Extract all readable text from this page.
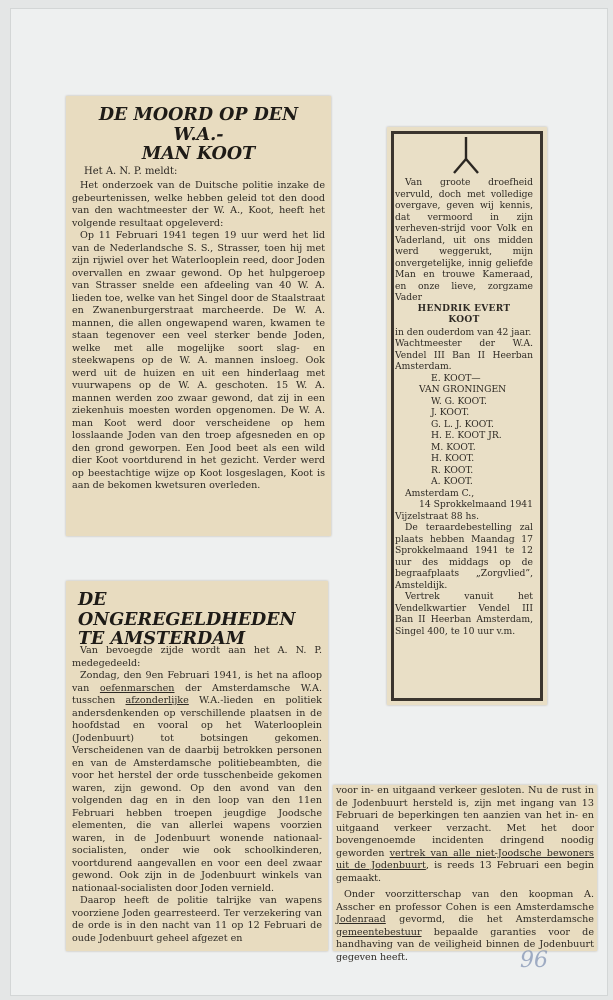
DE MOORD OP DEN W.A.-
MAN KOOT
Het A. N. P. meldt:

Het onderzoek van de Duitsche politie inzake de gebeurtenissen, welke hebben geleid tot den dood van den wachtmeester der W. A., Koot, heeft het volgende resultaat opgeleverd:

Op 11 Februari 1941 tegen 19 uur werd het lid van de Nederlandsche S. S., Strasser, toen hij met zijn rijwiel over het Waterlooplein reed, door Joden overvallen en zwaar gewond. Op het hulpgeroep van Strasser snelde een afdeeling van 40 W. A. lieden toe, welke van het Singel door de Staalstraat en Zwanenburgerstraat marcheerde. De W. A. mannen, die allen ongewapend waren, kwamen te staan tegenover een veel sterker bende Joden, welke met alle mogelijke soort slag- en steekwapens op de W. A. mannen insloeg. Ook werd uit de huizen en uit een hinderlaag met vuurwapens op de W. A. geschoten. 15 W. A. mannen werden zoo zwaar gewond, dat zij in een ziekenhuis moesten worden opgenomen. De W. A. man Koot werd door verscheidene op hem losslaande Joden van den troep afgesneden en op den grond geworpen. Een Jood beet als een wild dier Koot voortdurend in het gezicht. Verder werd op beestachtige wijze op Koot losgeslagen, Koot is aan de bekomen kwetsuren overleden.

Van groote droefheid vervuld, doch met volledige overgave, geven wij kennis, dat vermoord in zijn verheven-strijd voor Volk en Vaderland, uit ons midden werd weggerukt, mijn onvergetelijke, innig geliefde Man en trouwe Kameraad, en onze lieve, zorgzame Vader

HENDRIK EVERT
KOOT

in den ouderdom van 42 jaar.

Wachtmeester der W.A. Vendel III Ban II Heerban Amsterdam.

E. KOOT—

VAN GRONINGEN

W. G. KOOT.

J. KOOT.

G. L. J. KOOT.

H. E. KOOT JR.

M. KOOT.

H. KOOT.

R. KOOT.

A. KOOT.

Amsterdam C.,

14 Sprokkelmaand 1941

Vijzelstraat 88 hs.

De teraardebestelling zal plaats hebben Maandag 17 Sprokkelmaand 1941 te 12 uur des middags op de begraafplaats „Zorgvlied”, Amsteldijk.

Vertrek vanuit het Vendelkwartier Vendel III Ban II Heerban Amsterdam, Singel 400, te 10 uur v.m.

DE ONGEREGELDHEDEN
TE AMSTERDAM

Van bevoegde zijde wordt aan het A. N. P. medegedeeld:

Zondag, den 9en Februari 1941, is het na afloop van oefenmarschen der Amsterdamsche W.A. tusschen afzonderlijke W.A.-lieden en politiek andersdenkenden op verschillende plaatsen in de hoofdstad en vooral op het Waterlooplein (Jodenbuurt) tot botsingen gekomen. Verscheidenen van de daarbij betrokken personen en van de Amsterdamsche politiebeambten, die voor het herstel der orde tusschenbeide gekomen waren, zijn gewond. Op den avond van den volgenden dag en in den loop van den 11en Februari hebben troepen jeugdige Joodsche elementen, die van allerlei wapens voorzien waren, in de Jodenbuurt wonende nationaal-socialisten, onder wie ook schoolkinderen, voortdurend aangevallen en voor een deel zwaar gewond. Ook zijn in de Jodenbuurt winkels van nationaal-socialisten door Joden vernield.

Daarop heeft de politie talrijke van wapens voorziene Joden gearresteerd. Ter verzekering van de orde is in den nacht van 11 op 12 Februari de oude Jodenbuurt geheel afgezet en

voor in- en uitgaand verkeer gesloten. Nu de rust in de Jodenbuurt hersteld is, zijn met ingang van 13 Februari de beperkingen ten aanzien van het in- en uitgaand verkeer verzacht. Met het door bovengenoemde incidenten dringend noodig geworden vertrek van alle niet-Joodsche bewoners uit de Jodenbuurt, is reeds 13 Februari een begin gemaakt.

Onder voorzitterschap van den koopman A. Asscher en professor Cohen is een Amsterdamsche Jodenraad gevormd, die het Amsterdamsche gemeentebestuur bepaalde garanties voor de handhaving van de veiligheid binnen de Jodenbuurt gegeven heeft.	96
